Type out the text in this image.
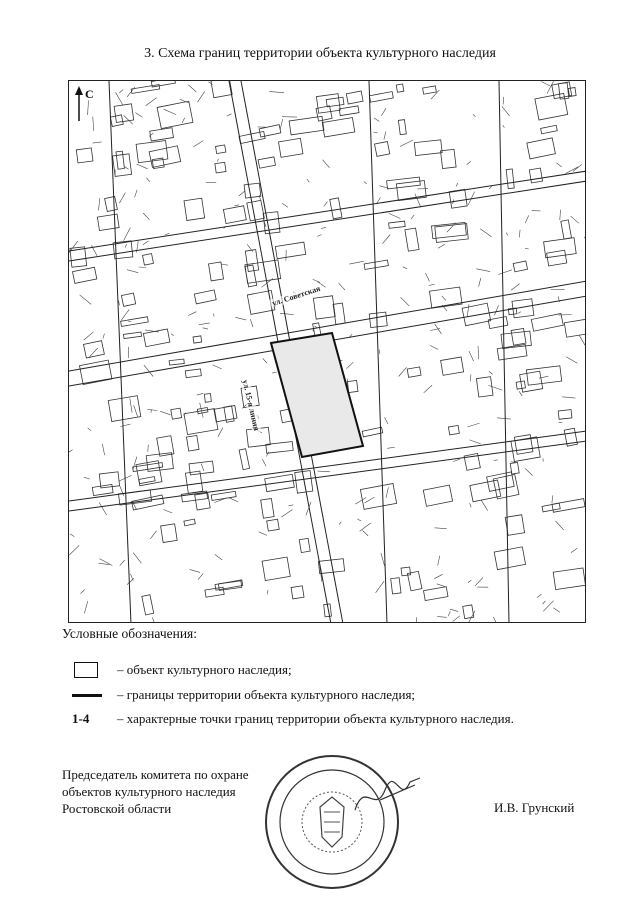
3. Схема границ территории объекта культурного наследия
С
ул. Советская
ул. 15-я линия
Условные обозначения:
– объект культурного наследия;
– границы территории объекта культурного наследия;
1-4 – характерные точки границ территории объекта культурного наследия.
Председатель комитета по охране
объектов культурного наследия
Ростовской области	И.В. Грунский
